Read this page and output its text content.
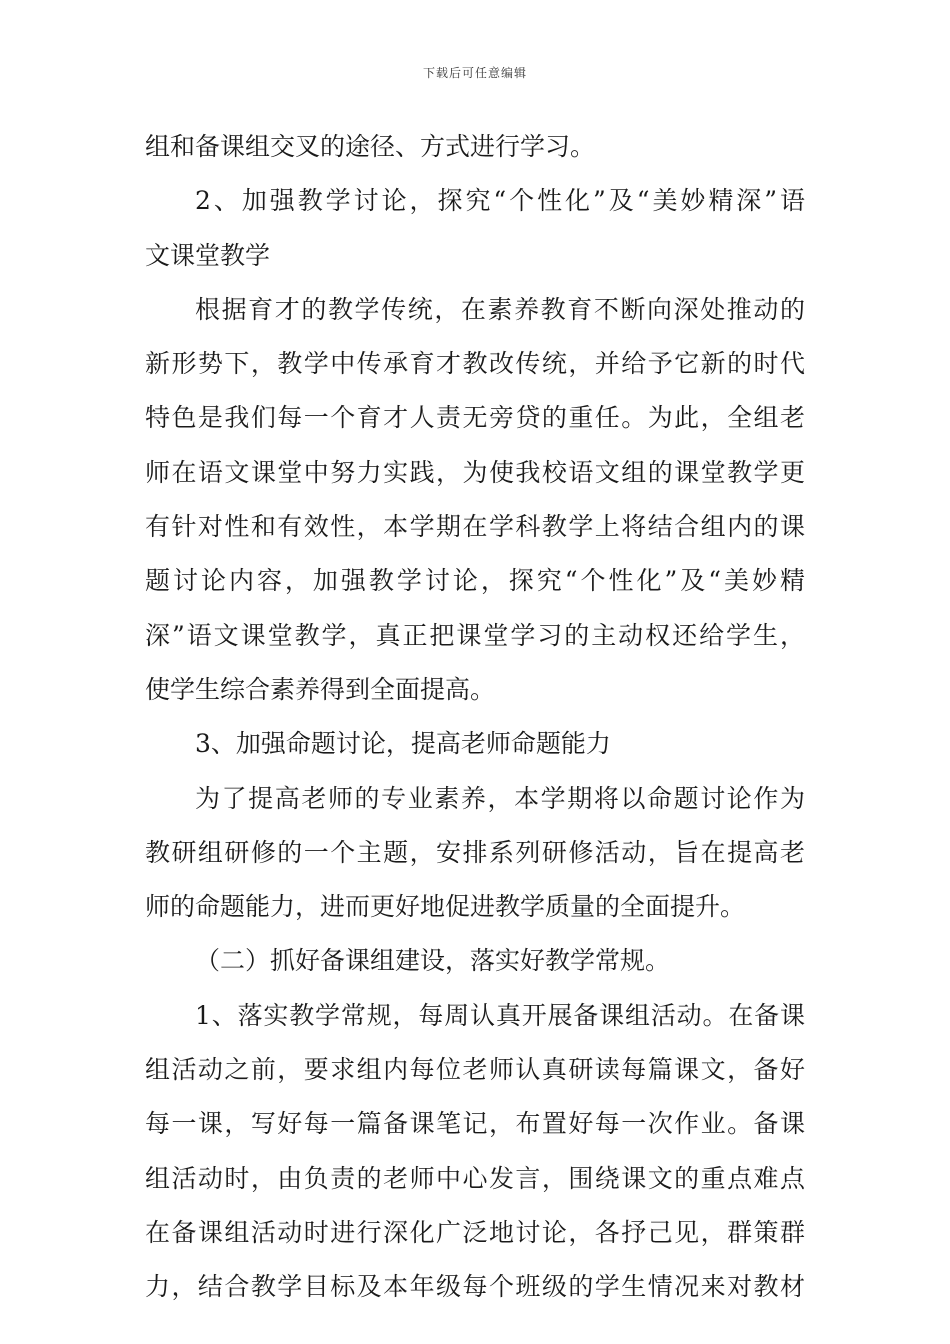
下载后可任意编辑
组和备课组交叉的途径、方式进行学习。
2、加强教学讨论，探究“个性化”及“美妙精深”语
文课堂教学
根据育才的教学传统，在素养教育不断向深处推动的
新形势下，教学中传承育才教改传统，并给予它新的时代
特色是我们每一个育才人责无旁贷的重任。为此，全组老
师在语文课堂中努力实践，为使我校语文组的课堂教学更
有针对性和有效性，本学期在学科教学上将结合组内的课
题讨论内容，加强教学讨论，探究“个性化”及“美妙精
深”语文课堂教学，真正把课堂学习的主动权还给学生，
使学生综合素养得到全面提高。
3、加强命题讨论，提高老师命题能力
为了提高老师的专业素养，本学期将以命题讨论作为
教研组研修的一个主题，安排系列研修活动，旨在提高老
师的命题能力，进而更好地促进教学质量的全面提升。
（二）抓好备课组建设，落实好教学常规。
1、落实教学常规，每周认真开展备课组活动。在备课
组活动之前，要求组内每位老师认真研读每篇课文，备好
每一课，写好每一篇备课笔记，布置好每一次作业。备课
组活动时，由负责的老师中心发言，围绕课文的重点难点
在备课组活动时进行深化广泛地讨论，各抒己见，群策群
力，结合教学目标及本年级每个班级的学生情况来对教材
